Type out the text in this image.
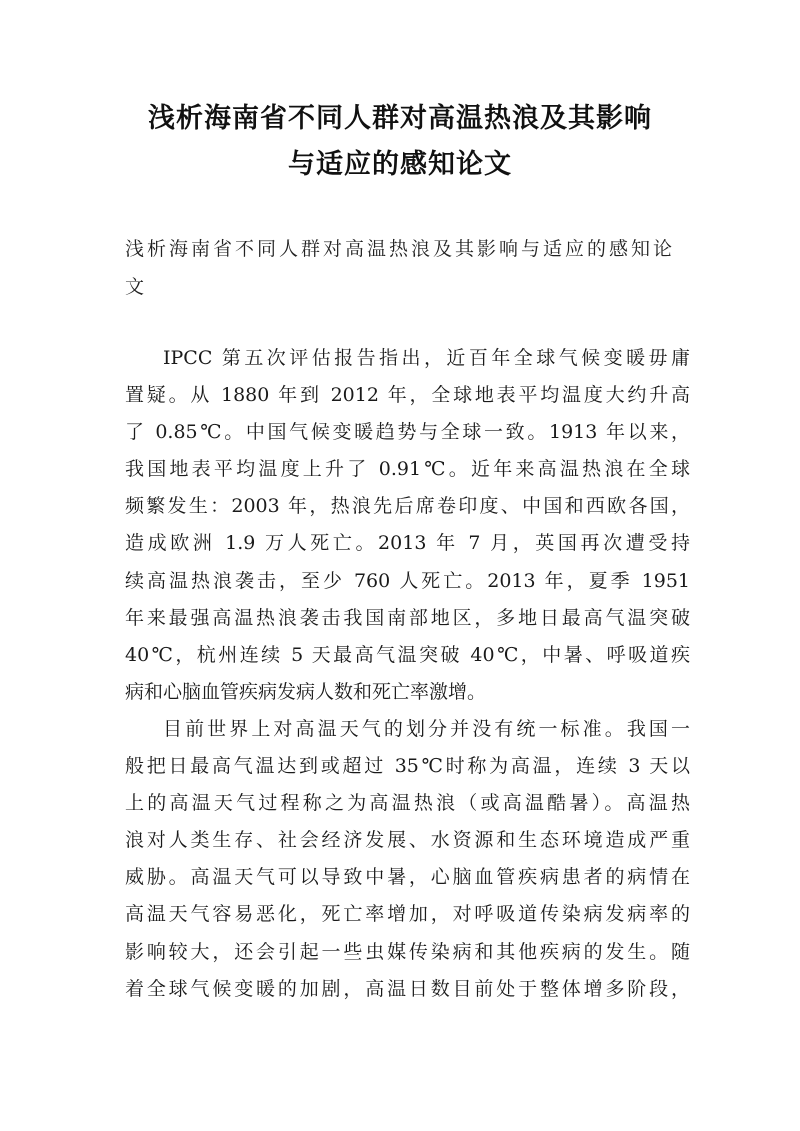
浅析海南省不同人群对高温热浪及其影响
与适应的感知论文
浅析海南省不同人群对高温热浪及其影响与适应的感知论
文
IPCC 第五次评估报告指出，近百年全球气候变暖毋庸
置疑。从 1880 年到 2012 年，全球地表平均温度大约升高
了 0.85℃。中国气候变暖趋势与全球一致。1913 年以来，
我国地表平均温度上升了 0.91℃。近年来高温热浪在全球
频繁发生：2003 年，热浪先后席卷印度、中国和西欧各国，
造成欧洲 1.9 万人死亡。2013 年 7 月，英国再次遭受持
续高温热浪袭击，至少 760 人死亡。2013 年，夏季 1951
年来最强高温热浪袭击我国南部地区，多地日最高气温突破
40℃，杭州连续 5 天最高气温突破 40℃，中暑、呼吸道疾
病和心脑血管疾病发病人数和死亡率激增。
目前世界上对高温天气的划分并没有统一标准。我国一
般把日最高气温达到或超过 35℃时称为高温，连续 3 天以
上的高温天气过程称之为高温热浪（或高温酷暑）。高温热
浪对人类生存、社会经济发展、水资源和生态环境造成严重
威胁。高温天气可以导致中暑，心脑血管疾病患者的病情在
高温天气容易恶化，死亡率增加，对呼吸道传染病发病率的
影响较大，还会引起一些虫媒传染病和其他疾病的发生。随
着全球气候变暖的加剧，高温日数目前处于整体增多阶段，
